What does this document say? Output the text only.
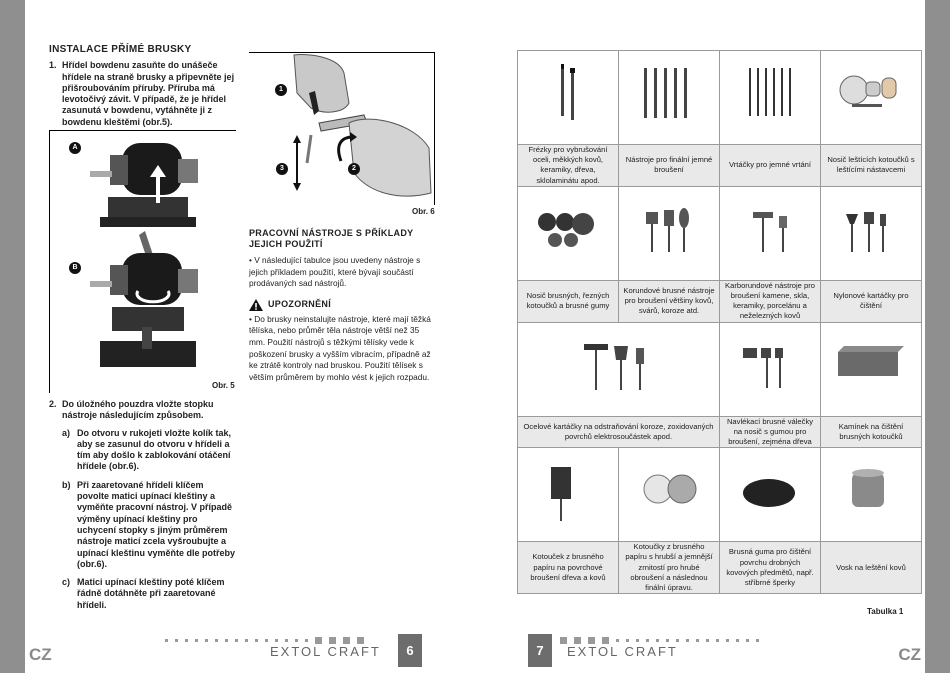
INSTALACE PŘÍMÉ BRUSKY
1. Hřídel bowdenu zasuňte do unášeče hřídele na straně brusky a připevněte jej přišroubováním příruby. Příruba má levotočivý závit. V případě, že je hřídel zasunutá v bowdenu, vytáhněte ji z bowdenu kleštěmi (obr.5).
A
B
Obr. 5
2. Do úložného pouzdra vložte stopku nástroje následujícím způsobem.
a) Do otvoru v rukojeti vložte kolík tak, aby se zasunul do otvoru v hřídeli a tím aby došlo k zablokování otáčení hřídele (obr.6).
b) Při zaaretované hřídeli klíčem povolte matici upínací kleštiny a vyměňte pracovní nástroj. V případě výměny upínací kleštiny pro uchycení stopky s jiným průměrem nástroje maticí zcela vyšroubujte a upínací kleštinu vyměňte dle potřeby (obr.6).
c) Matici upínací kleštiny poté klíčem řádně dotáhněte při zaaretované hřídeli.
1
2
3
Obr. 6
PRACOVNÍ NÁSTROJE S PŘÍKLADY JEJICH POUŽITÍ
• V následující tabulce jsou uvedeny nástroje s jejich příkladem použití, které bývají součástí prodávaných sad nástrojů.
UPOZORNĚNÍ
• Do brusky neinstalujte nástroje, které mají těžká tělíska, nebo průměr těla nástroje větší než 35 mm. Použití nástrojů s těžkými tělísky vede k poškození brusky a vyšším vibracím, případně až ke ztrátě kontroly nad bruskou. Použití tělísek s větším průměrem by mohlo vést k jejich rozpadu.

Frézky pro vybrušování oceli, měkkých kovů, keramiky, dřeva, sklolaminátu apod.	Nástroje pro finální jemné broušení	Vrtáčky pro jemné vrtání	Nosič leštících kotoučků s leštícími nástavcemi

Nosič brusných, řezných kotoučků a brusné gumy	Korundové brusné nástroje pro broušení většiny kovů, svárů, koroze atd.	Karborundové nástroje pro broušení kamene, skla, keramiky, porcelánu a neželezných kovů	Nylonové kartáčky pro čištění

Ocelové kartáčky na odstraňování koroze, zoxidovaných povrchů elektrosoučástek apod.		Navlékací brusné válečky na nosič s gumou pro broušení, zejména dřeva	Kamínek na čištění brusných kotoučků

Kotouček z brusného papíru na povrchové broušení dřeva a kovů	Kotoučky z brusného papíru s hrubší a jemnější zrnitostí pro hrubé obroušení a následnou finální úpravu.	Brusná guma pro čištění povrchu drobných kovových předmětů, např. stříbrné šperky	Vosk na leštění kovů
Tabulka 1
EXTOL CRAFT	EXTOL CRAFT
6	7
CZ	CZ
